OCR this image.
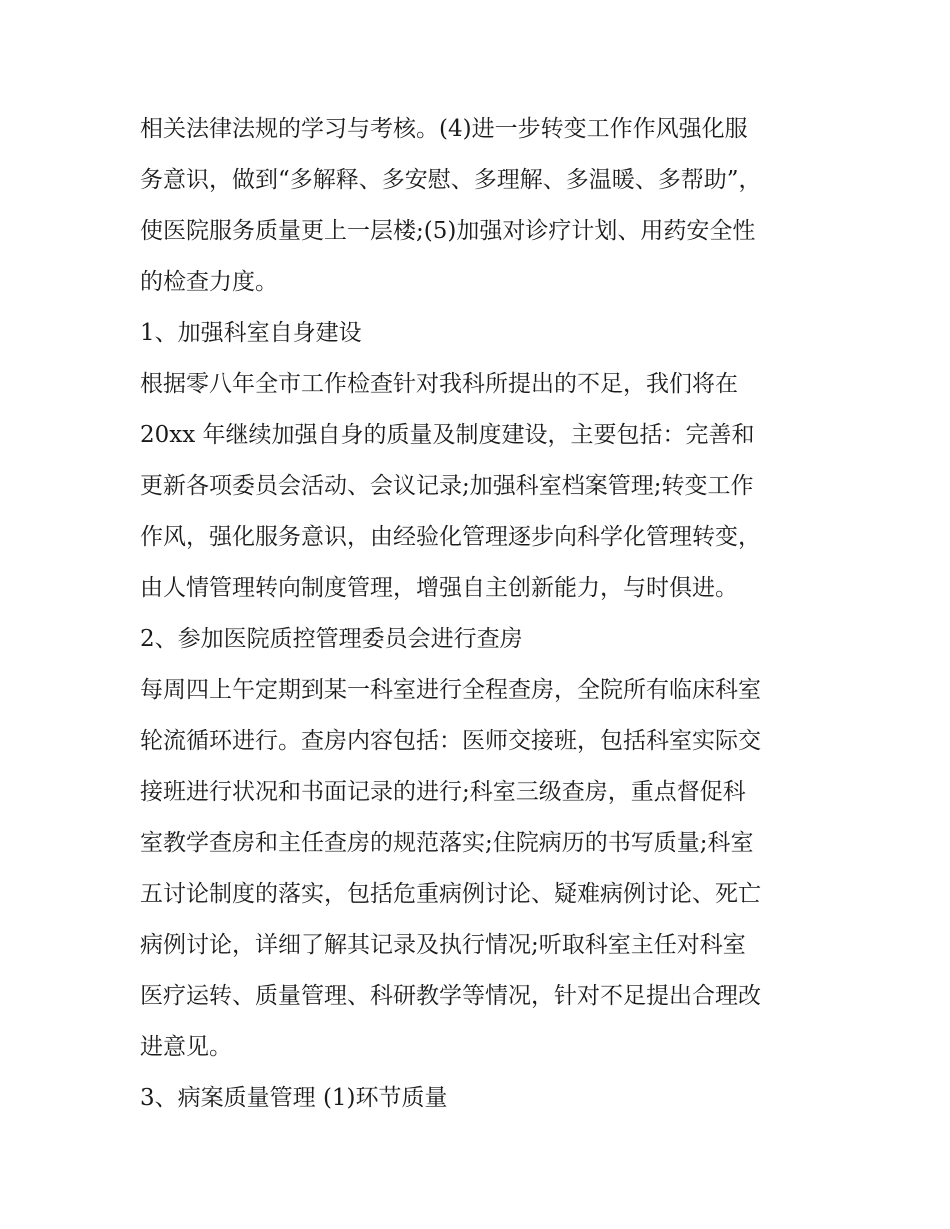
相关法律法规的学习与考核。(4)进一步转变工作作风强化服
务意识，做到“多解释、多安慰、多理解、多温暖、多帮助”，
使医院服务质量更上一层楼;(5)加强对诊疗计划、用药安全性
的检查力度。
1、加强科室自身建设
根据零八年全市工作检查针对我科所提出的不足，我们将在
20xx 年继续加强自身的质量及制度建设，主要包括：完善和
更新各项委员会活动、会议记录;加强科室档案管理;转变工作
作风，强化服务意识，由经验化管理逐步向科学化管理转变，
由人情管理转向制度管理，增强自主创新能力，与时俱进。
2、参加医院质控管理委员会进行查房
每周四上午定期到某一科室进行全程查房，全院所有临床科室
轮流循环进行。查房内容包括：医师交接班，包括科室实际交
接班进行状况和书面记录的进行;科室三级查房，重点督促科
室教学查房和主任查房的规范落实;住院病历的书写质量;科室
五讨论制度的落实，包括危重病例讨论、疑难病例讨论、死亡
病例讨论，详细了解其记录及执行情况;听取科室主任对科室
医疗运转、质量管理、科研教学等情况，针对不足提出合理改
进意见。
3、病案质量管理 (1)环节质量
